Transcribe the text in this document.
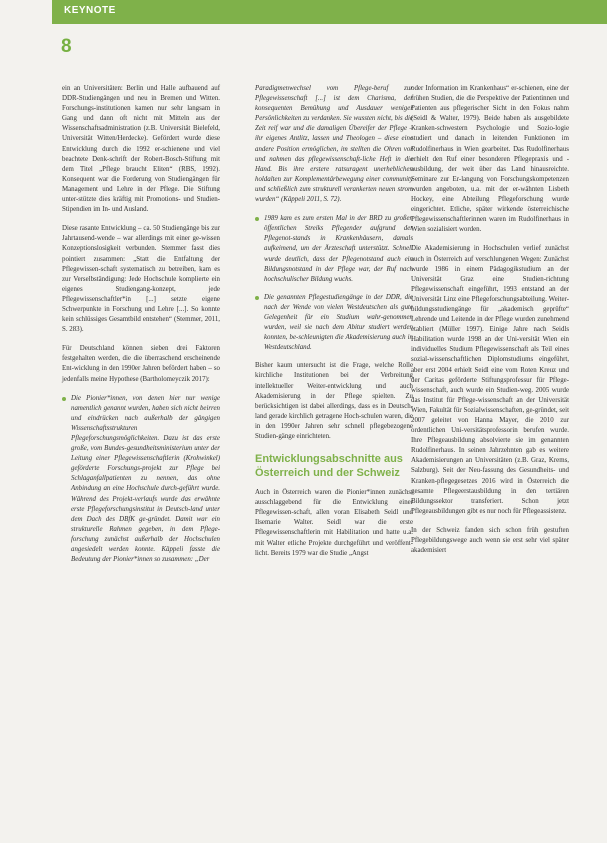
KEYNOTE
8

ein an Universitäten: Berlin und Halle aufbauend auf DDR-Studiengängen und neu in Bremen und Witten. Forschungs-institutionen kamen nur sehr langsam in Gang und dann oft nicht mit Mitteln aus der Wissenschaftsadministration (z.B. Universität Bielefeld, Universität Witten/Herdecke). Gefördert wurde diese Entwicklung durch die 1992 er-schienene und viel beachtete Denk-schrift der Robert-Bosch-Stiftung mit dem Titel „Pflege braucht Eliten“ (RBS, 1992). Konsequent war die Forderung von Studiengängen für Management und Lehre in der Pflege. Die Stiftung unter-stützte dies kräftig mit Promotions- und Studien-Stipendien im In- und Ausland.

Diese rasante Entwicklung – ca. 50 Studiengänge bis zur Jahrtausend-wende – war allerdings mit einer ge-wissen Konzeptionslosigkeit verbunden. Stemmer fasst dies pointiert zusammen: „Statt die Entfaltung der Pflegewissen-schaft systematisch zu betreiben, kam es zur Verselbständigung: Jede Hochschule komplierte ein eigenes Studiengang-konzept, jede Pflegewissenschaftler*in [...] setzte eigene Schwerpunkte in Forschung und Lehre [...]. So konnte kein schlüssiges Gesamtbild entstehen“ (Stemmer, 2011, S. 283).

Für Deutschland können sieben drei Faktoren festgehalten werden, die die überraschend erscheinende Ent-wicklung in den 1990er Jahren befördert haben – so jedenfalls meine Hypothese (Bartholomeyczik 2017):

Die Pionier*innen, von denen hier nur wenige namentlich genannt wurden, haben sich nicht beirren und eindrücken nach außerhalb der gängigen Wissenschaftsstrukturen Pflegeforschungsmöglichkeiten. Dazu ist das erste große, vom Bundes-gesundheitsministerium unter der Leitung einer Pflegewissenschaftlerin (Krohwinkel) geförderte Forschungs-projekt zur Pflege bei Schlaganfallpatienten zu nennen, das ohne Anbindung an eine Hochschule durch-geführt wurde. Während des Projekt-verlaufs wurde das erwähnte erste Pflegeforschungsinstitut in Deutsch-land unter dem Dach des DBfK ge-gründet. Damit war ein strukturelle Rahmen gegeben, in dem Pflege-forschung zunächst außerhalb der Hochschulen angesiedelt werden konnte. Käppeli fasste die Bedeutung der Pionier*innen so zusammen: „Der

Paradigmenwechsel vom Pflege-beruf zur Pflegewissenschaft [...] ist dem Charisma, der konsequenten Bemühung und Ausdauer weniger Persönlichkeiten zu verdanken. Sie wussten nicht, bis die Zeit reif war und die damaligen Übereifer der Pflege – ihr eigenes Antlitz, lassen und Theologen – diese eine andere Position ermöglichen, im stellten die Ohren vor und nahmen das pflegewissenschaft-liche Heft in die Hand. Bis ihre erstere ratsuragent unerheblichen holdalten zur Komplementärbewegung einer community und schließlich zum strukturell verankerten neuen strom wurden“ (Käppeli 2011, S. 72).

1989 kam es zum ersten Mal in der BRD zu großen öffentlichen Streiks Pflegender aufgrund der Pflegenot-stands in Krankenhäusern, damals aufkeimend, um der Ärzteschaft unterstützt. Schnell wurde deutlich, dass der Pflegenotstand auch ein Bildungsnotstand in der Pflege war, der Ruf nach hochschulischer Bildung wuchs.
Die genannten Pflegestudiengänge in der DDR, die nach der Wende von vielen Westdeutschen als gute Gelegenheit für ein Studium wahr-genommen wurden, weil sie nach dem Abitur studiert werden konnten, be-schleunigten die Akademisierung auch in Westdeutschland.

Bisher kaum untersucht ist die Frage, welche Rolle kirchliche Institutionen bei der Verbreitung intellektueller Weiter-entwicklung und auch Akademisierung in der Pflege spielten. Zu berücksichtigen ist dabei allerdings, dass es in Deutsch-land gerade kirchlich getragene Hoch-schulen waren, die in den 1990er Jahren sehr schnell pflegebezogene Studien-gänge einrichteten.

Entwicklungsabschnitte aus Österreich und der Schweiz

Auch in Österreich waren die Pionier*innen zunächst ausschlaggebend für die Entwicklung einer Pflegewissen-schaft, allen voran Elisabeth Seidl und Ilsemarie Walter. Seidl war die erste Pflegewissenschaftlerin mit Habilitation und hatte u.a. mit Walter etliche Projekte durchgeführt und veröffent-licht. Bereits 1979 war die Studie „Angst

oder Information im Krankenhaus“ er-schienen, eine der frühen Studien, die die Perspektive der Patientinnen und Patienten aus pflegerischer Sicht in den Fokus nahm (Seidl & Walter, 1979). Beide haben als ausgebildete Kranken-schwestern Psychologie und Sozio-logie studiert und danach in leitenden Funktionen im Rudolfinerhaus in Wien gearbeitet. Das Rudolfinerhaus erhielt den Ruf einer besonderen Pflegepraxis und -ausbildung, der weit über das Land hinausreichte. Seminare zur Er-langung von Forschungskompetenzen wurden angeboten, u.a. mit der er-wähnten Lisbeth Hockey, eine Abteilung Pflegeforschung wurde eingerichtet. Etliche, später wirkende österreichische Pflegewissenschaftlerinnen waren im Rudolfinerhaus in Wien sozialisiert worden.

Die Akademisierung in Hochschulen verlief zunächst auch in Österreich auf verschlungenen Wegen: Zunächst wurde 1986 in einem Pädagogikstudium an der Universität Graz eine Studien-richtung Pflegewissenschaft eingeführt, 1993 entstand an der Universität Linz eine Pflegeforschungsabteilung. Weiter-bildungsstudiengänge für „akademisch geprüfte“ Lehrende und Leitende in der Pflege wurden zunehmend etabliert (Müller 1997). Einige Jahre nach Seidls Habilitation wurde 1998 an der Uni-versität Wien ein individuelles Studium Pflegewissenschaft als Teil eines sozial-wissenschaftlichen Diplomstudiums eingeführt, aber erst 2004 erhielt Seidl eine vom Roten Kreuz und der Caritas geförderte Stiftungsprofessur für Pflege-wissenschaft, auch wurde ein Studien-weg. 2005 wurde das Institut für Pflege-wissenschaft an der Universität Wien, Fakultät für Sozialwissenschaften, ge-gründet, seit 2007 geleitet von Hanna Mayer, die 2010 zur ordentlichen Uni-versitätsprofessorin berufen wurde. Ihre Pflegeausbildung absolvierte sie im genannten Rudolfinerhaus. In seinen Jahrzehnten gab es weitere Akademisierungen an Universitäten (z.B. Graz, Krems, Salzburg). Seit der Neu-fassung des Gesundheits- und Kranken-pflegegesetzes 2016 wird in Österreich die gesamte Pflegeerstausbildung in den tertiären Bildungssektor transferiert. Schon jetzt Pflegeausbildungen gibt es nur noch für Pflegeassistenz.

In der Schweiz fanden sich schon früh gestuften Pflegebildungswege auch wenn sie erst sehr viel später akademisiert
